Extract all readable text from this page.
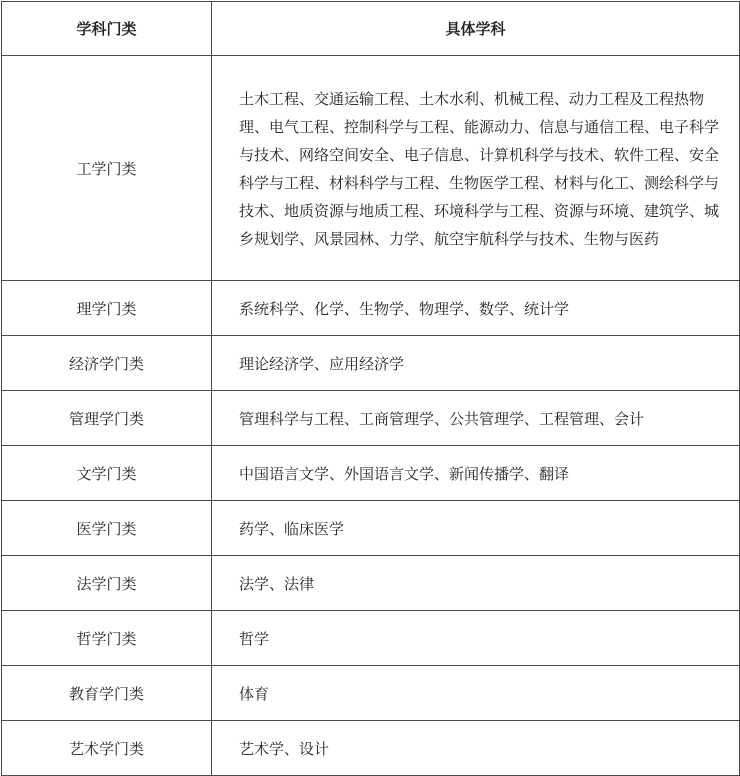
学科门类	具体学科
工学门类	土木工程、交通运输工程、土木水利、机械工程、动力工程及工程热物理、电气工程、控制科学与工程、能源动力、信息与通信工程、电子科学与技术、网络空间安全、电子信息、计算机科学与技术、软件工程、安全科学与工程、材料科学与工程、生物医学工程、材料与化工、测绘科学与技术、地质资源与地质工程、环境科学与工程、资源与环境、建筑学、城乡规划学、风景园林、力学、航空宇航科学与技术、生物与医药
理学门类	系统科学、化学、生物学、物理学、数学、统计学
经济学门类	理论经济学、应用经济学
管理学门类	管理科学与工程、工商管理学、公共管理学、工程管理、会计
文学门类	中国语言文学、外国语言文学、新闻传播学、翻译
医学门类	药学、临床医学
法学门类	法学、法律
哲学门类	哲学
教育学门类	体育
艺术学门类	艺术学、设计
